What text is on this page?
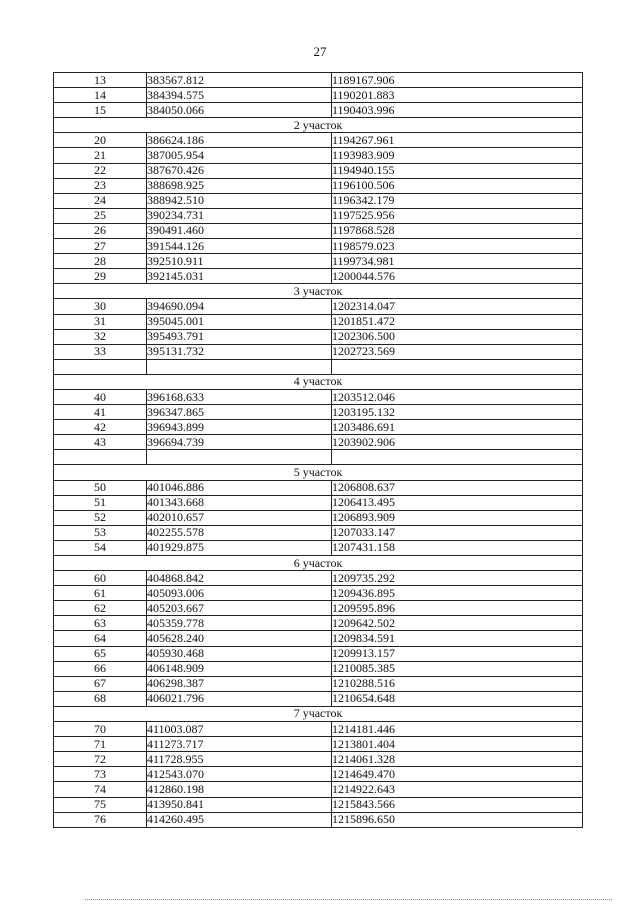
27
13	383567.812	1189167.906
14	384394.575	1190201.883
15	384050.066	1190403.996
2 участок		
20	386624.186	1194267.961
21	387005.954	1193983.909
22	387670.426	1194940.155
23	388698.925	1196100.506
24	388942.510	1196342.179
25	390234.731	1197525.956
26	390491.460	1197868.528
27	391544.126	1198579.023
28	392510.911	1199734.981
29	392145.031	1200044.576
3 участок		
30	394690.094	1202314.047
31	395045.001	1201851.472
32	395493.791	1202306.500
33	395131.732	1202723.569

4 участок		
40	396168.633	1203512.046
41	396347.865	1203195.132
42	396943.899	1203486.691
43	396694.739	1203902.906

5 участок		
50	401046.886	1206808.637
51	401343.668	1206413.495
52	402010.657	1206893.909
53	402255.578	1207033.147
54	401929.875	1207431.158
6 участок		
60	404868.842	1209735.292
61	405093.006	1209436.895
62	405203.667	1209595.896
63	405359.778	1209642.502
64	405628.240	1209834.591
65	405930.468	1209913.157
66	406148.909	1210085.385
67	406298.387	1210288.516
68	406021.796	1210654.648
7 участок		
70	411003.087	1214181.446
71	411273.717	1213801.404
72	411728.955	1214061.328
73	412543.070	1214649.470
74	412860.198	1214922.643
75	413950.841	1215843.566
76	414260.495	1215896.650
